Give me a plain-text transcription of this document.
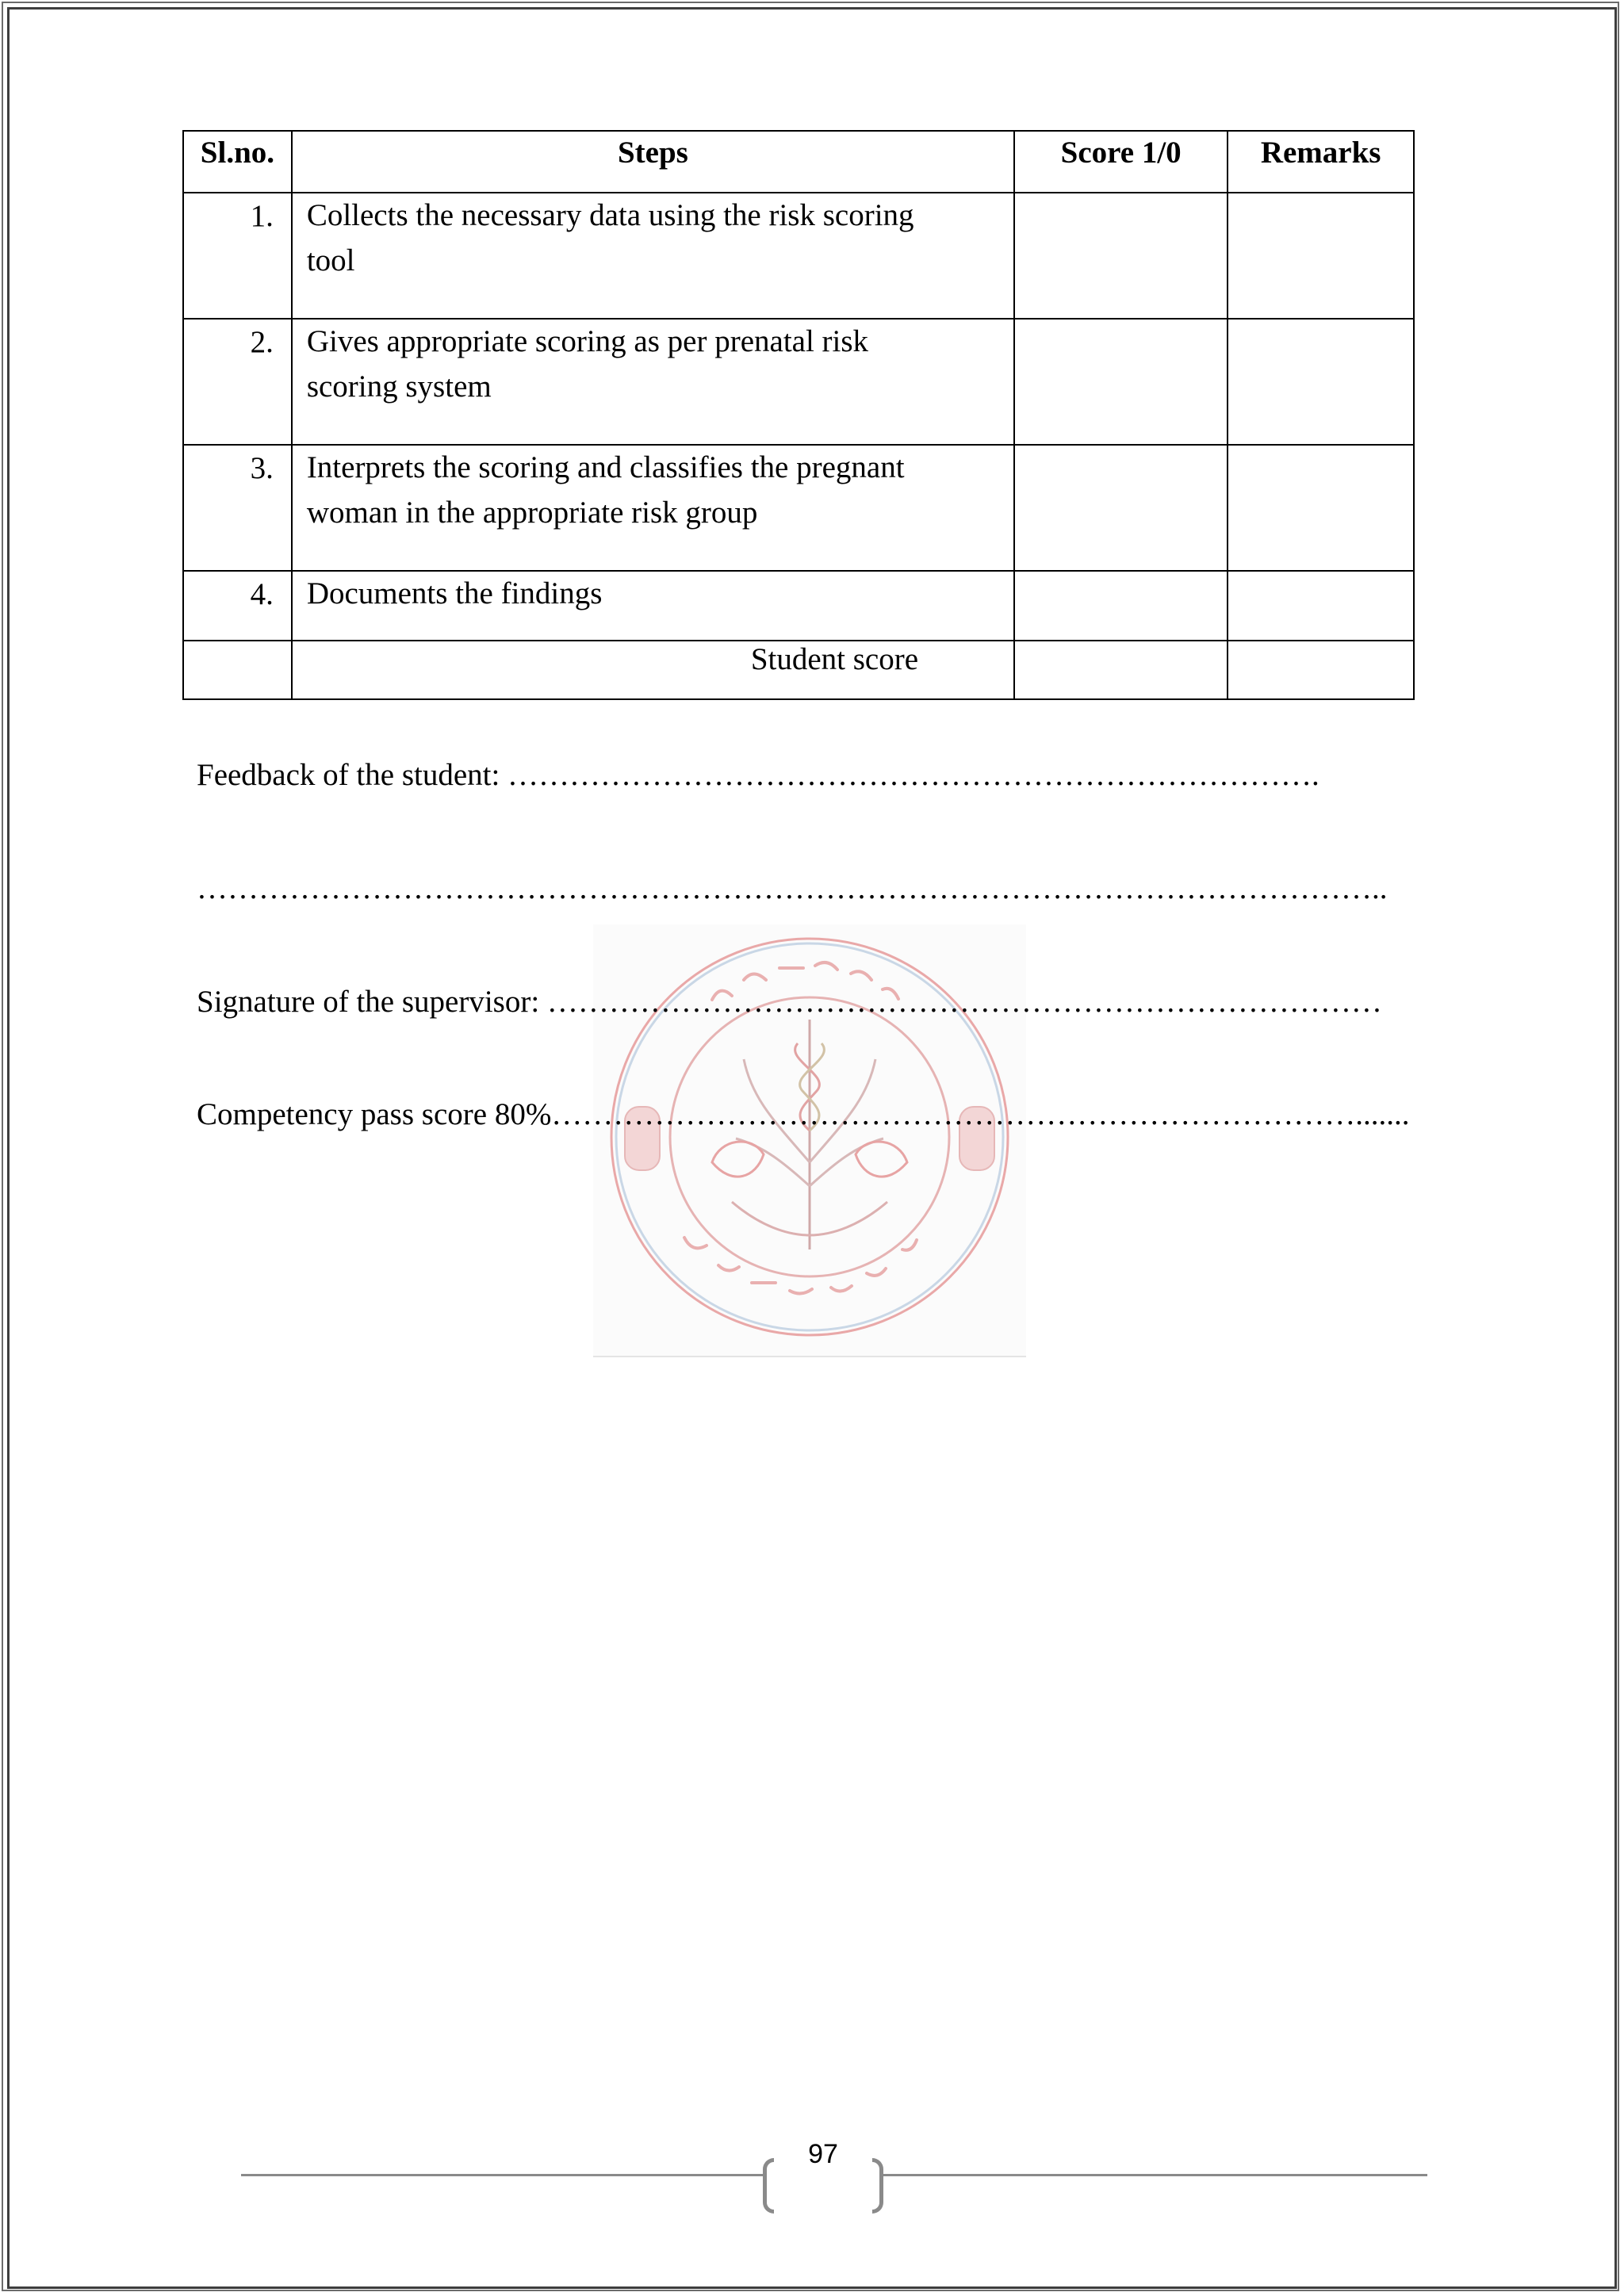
Sl.no.	Steps	Score 1/0	Remarks
1.	Collects the necessary data using the risk scoring
tool		

2.	Gives appropriate scoring as per prenatal risk
scoring system		

3.	Interprets the scoring and classifies the pregnant
woman in the appropriate risk group		

4.	Documents the findings		

	Student score		
Feedback of the student: …………………………………………………………………….
……………………………………………………………………………………………………..
Signature of the supervisor: ………………………………………………………………………
Competency pass score 80%…………………………………………………………………….......
97
